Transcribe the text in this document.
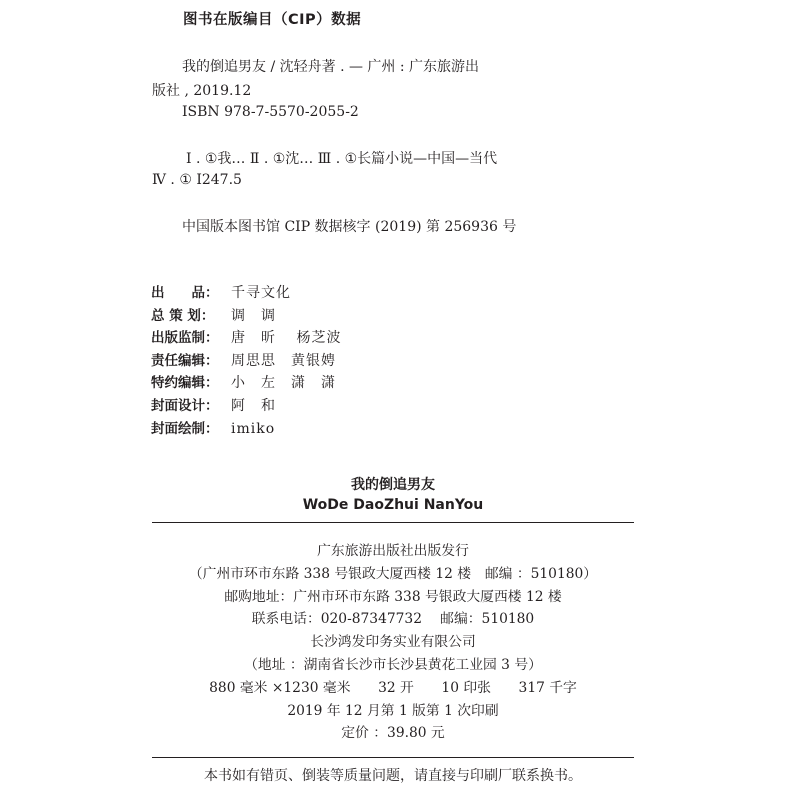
图书在版编目（CIP）数据
我的倒追男友 / 沈轻舟著 . — 广州 : 广东旅游出
版社 , 2019.12
ISBN 978-7-5570-2055-2
Ⅰ . ①我… Ⅱ . ①沈… Ⅲ . ①长篇小说—中国—当代
Ⅳ . ① I247.5
中国版本图书馆 CIP 数据核字 (2019) 第 256936 号
出　　品： 千寻文化
总 策 划： 调　调
出版监制： 唐　昕　 杨芝波
责任编辑： 周思思　黄银娉
特约编辑： 小　左　潇　潇
封面设计： 阿　和
封面绘制： imiko
我的倒追男友
WoDe DaoZhui NanYou
广东旅游出版社出版发行
（广州市环市东路 338 号银政大厦西楼 12 楼　邮编 ：510180）
邮购地址：广州市环市东路 338 号银政大厦西楼 12 楼
联系电话：020-87347732　 邮编：510180
长沙鸿发印务实业有限公司
（地址 ：湖南省长沙市长沙县黄花工业园 3 号）
880 毫米 ×1230 毫米　　32 开　　10 印张　　317 千字
2019 年 12 月第 1 版第 1 次印刷
定价 ：39.80 元
本书如有错页、倒装等质量问题，请直接与印刷厂联系换书。
